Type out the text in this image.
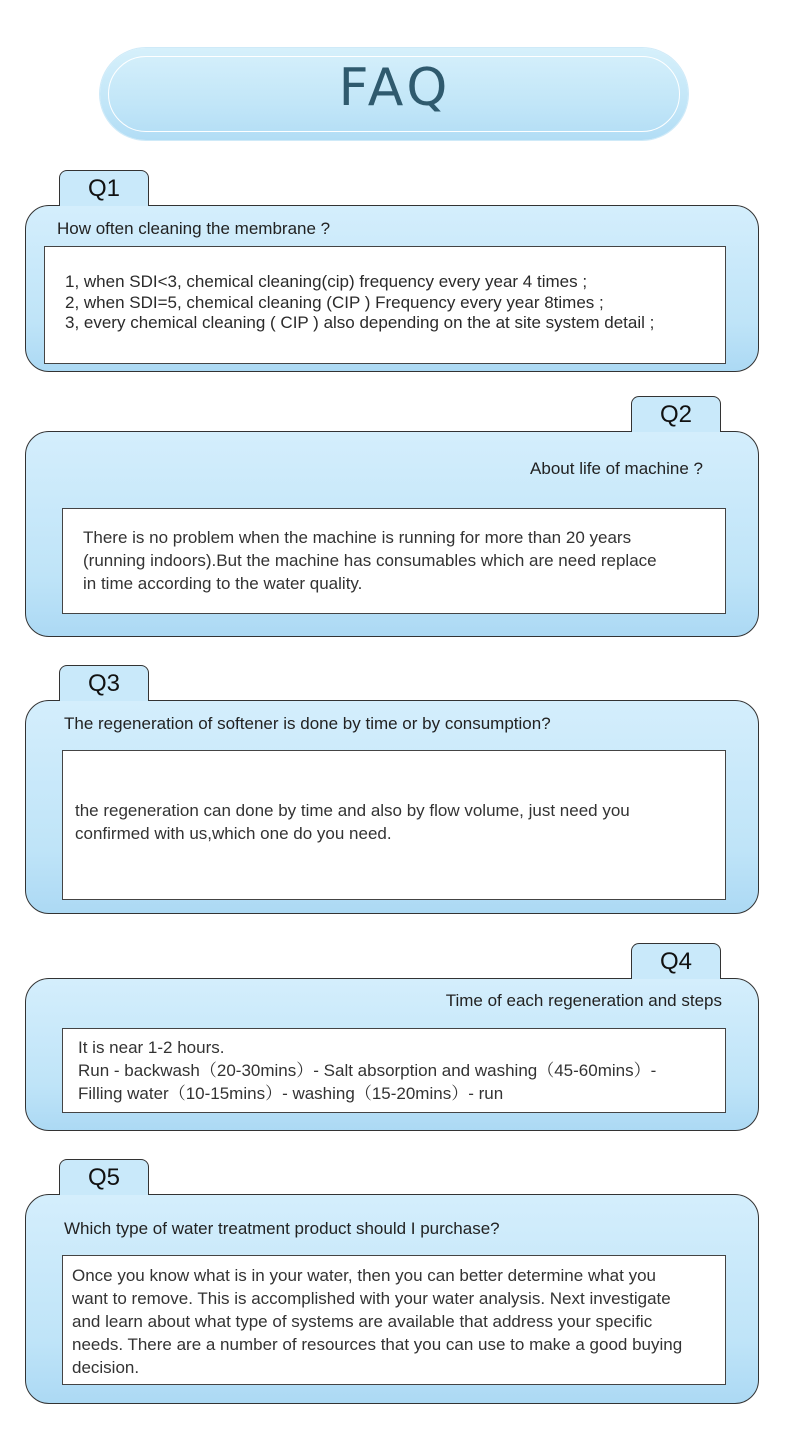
FAQ
Q1
How often cleaning the membrane ?
1, when SDI<3, chemical cleaning(cip) frequency every year 4 times ;
2, when SDI=5, chemical cleaning (CIP ) Frequency every year 8times ;
3, every chemical cleaning ( CIP ) also depending on the at site system detail ;
Q2
About life of machine ?
There is no problem when the machine is running for more than 20 years
(running indoors).But the machine has consumables which are need replace
in time according to the water quality.
Q3
The regeneration of softener is done by time or by consumption?
the regeneration can done by time and also by flow volume, just need you
confirmed with us,which one do you need.
Q4
Time of each regeneration and steps
It is near 1-2 hours.
Run - backwash（20-30mins）- Salt absorption and washing（45-60mins）-
Filling water（10-15mins）- washing（15-20mins）- run
Q5
Which type of water treatment product should I purchase?
Once you know what is in your water, then you can better determine what you
want to remove. This is accomplished with your water analysis. Next investigate
and learn about what type of systems are available that address your specific
needs. There are a number of resources that you can use to make a good buying
decision.
